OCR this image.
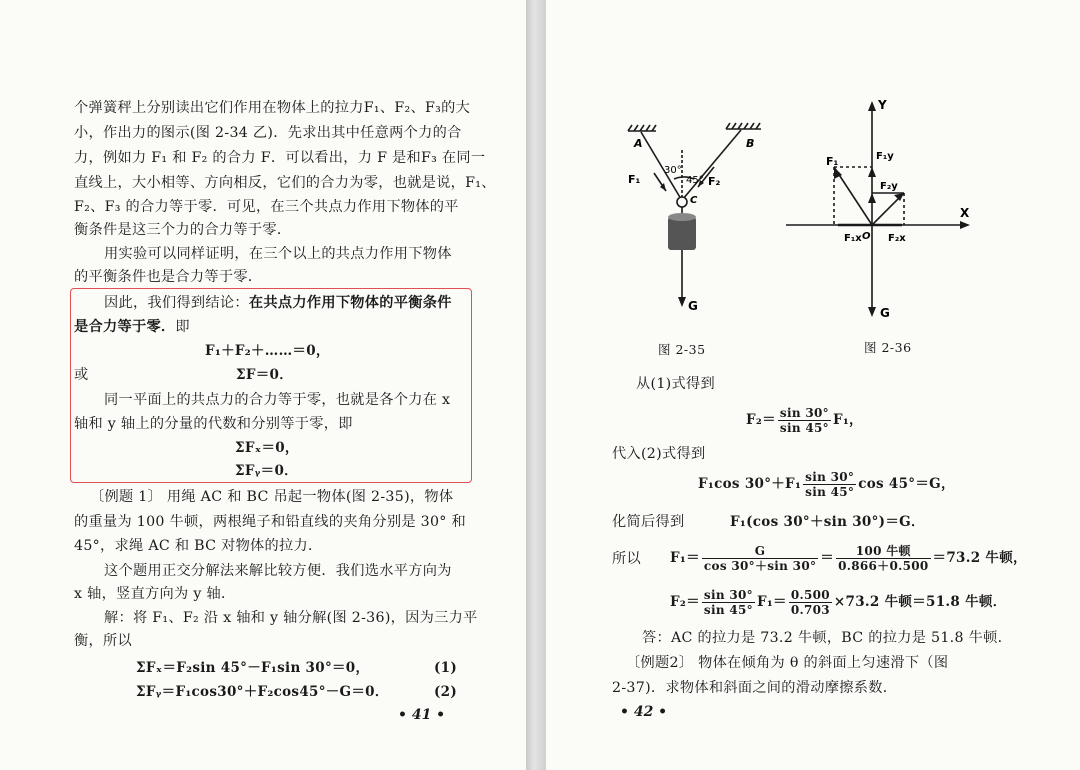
个弹簧秤上分别读出它们作用在物体上的拉力F₁、F₂、F₃的大
小，作出力的图示(图 2-34 乙)．先求出其中任意两个力的合
力，例如力 F₁ 和 F₂ 的合力 F．可以看出，力 F 是和F₃ 在同一
直线上，大小相等、方向相反，它们的合力为零，也就是说，F₁、
F₂、F₃ 的合力等于零．可见，在三个共点力作用下物体的平
衡条件是这三个力的合力等于零．
用实验可以同样证明，在三个以上的共点力作用下物体
的平衡条件也是合力等于零．
因此，我们得到结论：在共点力作用下物体的平衡条件
是合力等于零．即
F₁＋F₂＋……＝0，
或	ΣF＝0．
同一平面上的共点力的合力等于零，也就是各个力在 x
轴和 y 轴上的分量的代数和分别等于零，即
ΣFₓ＝0，
ΣFᵧ＝0．
〔例题 1〕 用绳 AC 和 BC 吊起一物体(图 2-35)，物体
的重量为 100 牛顿，两根绳子和铅直线的夹角分别是 30° 和
45°，求绳 AC 和 BC 对物体的拉力．
这个题用正交分解法来解比较方便．我们选水平方向为
x 轴，竖直方向为 y 轴．
解：将 F₁、F₂ 沿 x 轴和 y 轴分解(图 2-36)，因为三力平
衡，所以
ΣFₓ＝F₂sin 45°－F₁sin 30°＝0，	(1)
ΣFᵧ＝F₁cos30°＋F₂cos45°－G＝0．	(2)
• 41 •
A	B
30°
45°
F₁	F₂
C
G
图 2-35
Y
F₁	F₁y
F₂y
X
F₁x O F₂x
G
图 2-36
从(1)式得到
$F_2= \frac{\sin 30^\circ}{\sin 45^\circ} F_1$，
代入(2)式得到
F₁cos $30^\circ+F_1 \frac{\sin 30^\circ}{\sin 45^\circ}$ cos 45°＝G，
化简后得到	F₁(cos 30°＋sin 30°)＝G．
所以 $F_1= \frac{G}{\cos 30^\circ+\sin 30^\circ} = \frac{\text{100 牛顿}}{0.866+0.500} =73.2$ 牛顿，
$F_2= \frac{\sin 30^\circ}{\sin 45^\circ} F_1= \frac{0.500}{0.703} \times 73.2$ 牛顿＝51.8 牛顿．
答：AC 的拉力是 73.2 牛顿，BC 的拉力是 51.8 牛顿．
〔例题2〕 物体在倾角为 θ 的斜面上匀速滑下（图
2-37)．求物体和斜面之间的滑动摩擦系数．
• 42 •
